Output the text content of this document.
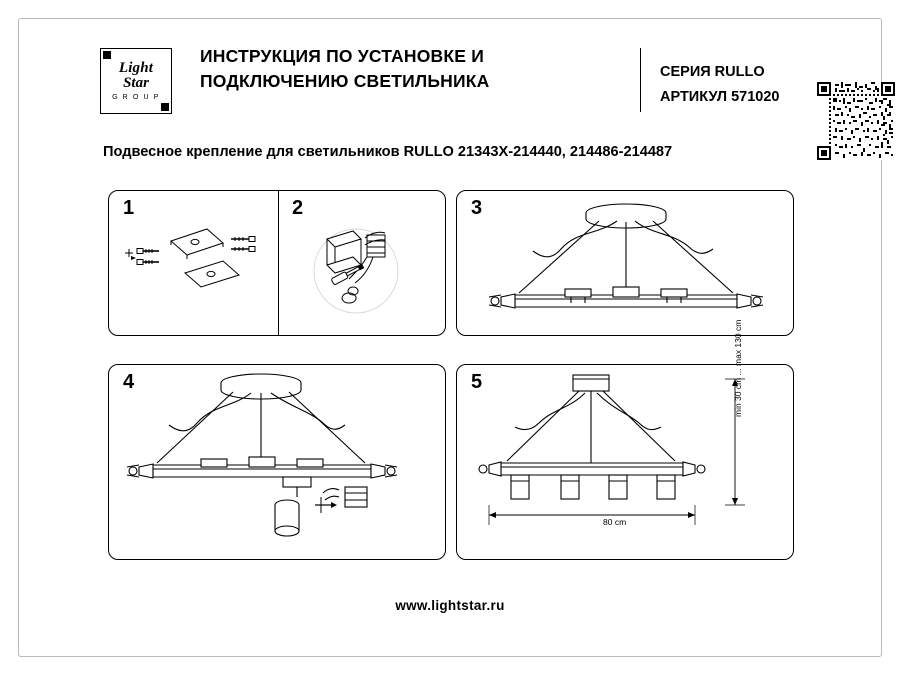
Light
Star
G R O U P
ИНСТРУКЦИЯ ПО УСТАНОВКЕ И
ПОДКЛЮЧЕНИЮ СВЕТИЛЬНИКА	СЕРИЯ RULLO
АРТИКУЛ 571020
Подвесное крепление для светильников RULLO 21343Х-214440, 214486-214487
1	2	3
4	5
80 cm
min 30 cm ... max 130 cm
www.lightstar.ru
